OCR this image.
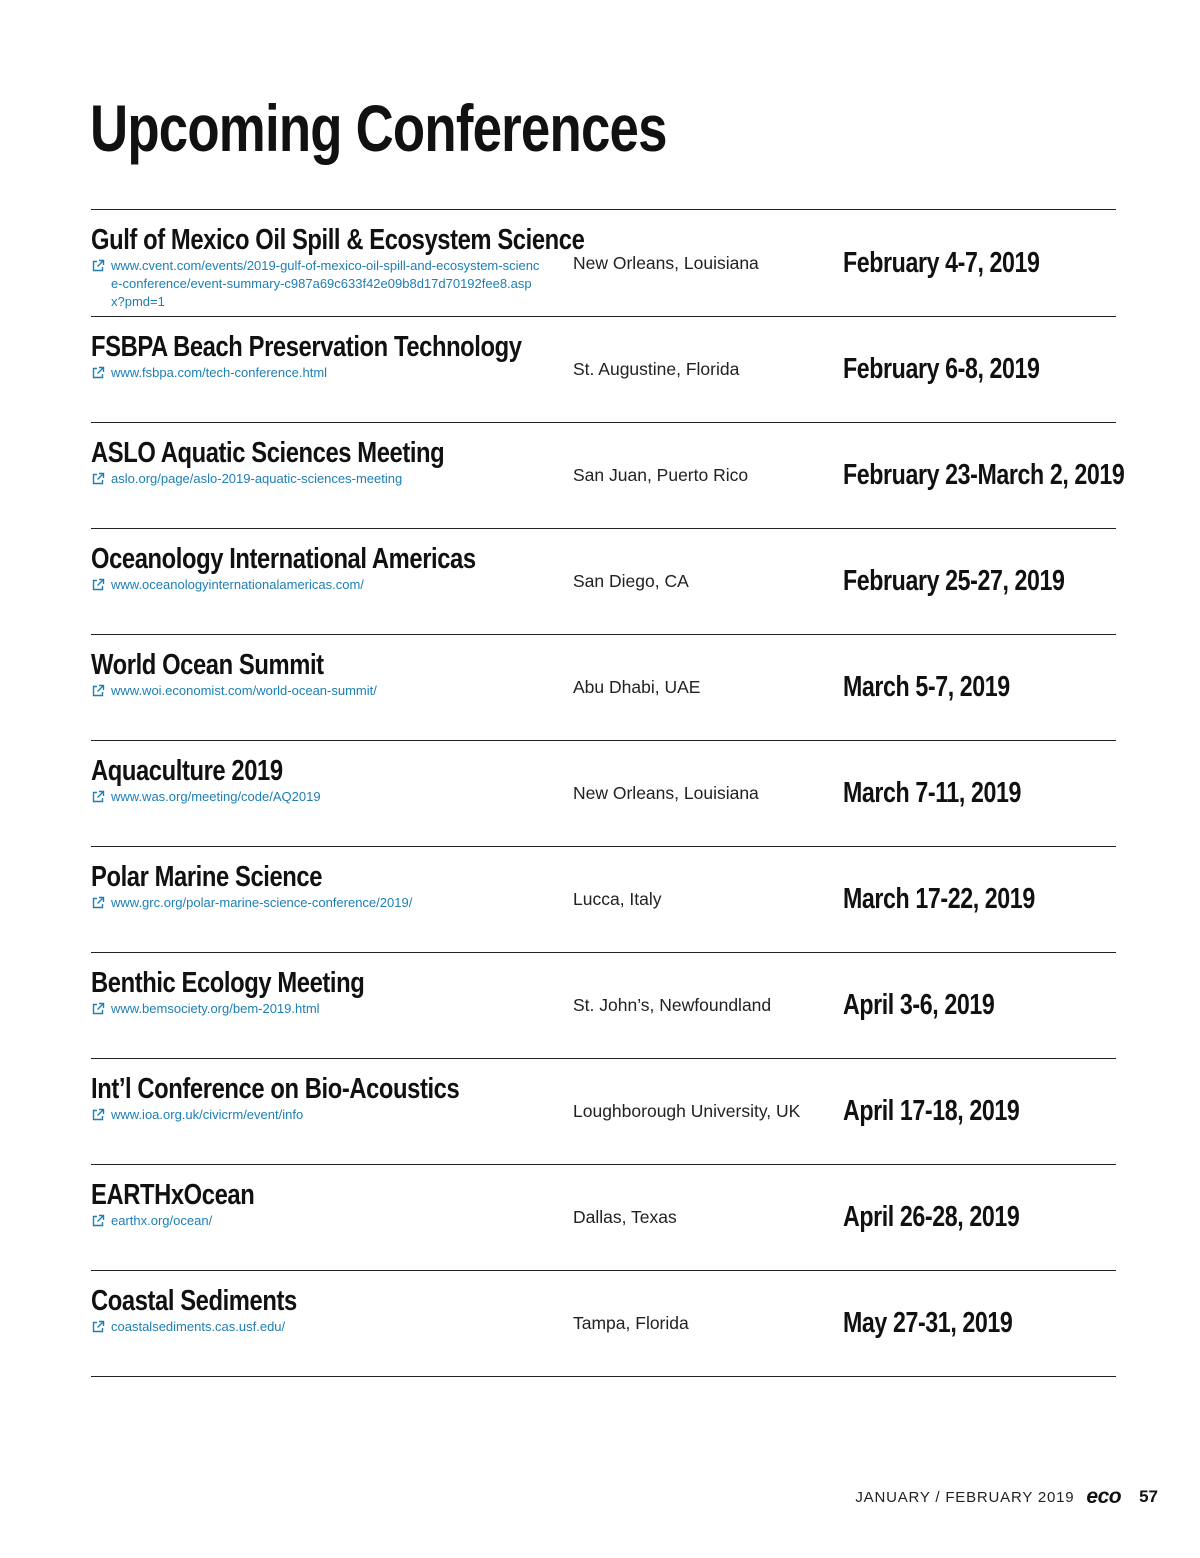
Upcoming Conferences
Gulf of Mexico Oil Spill & Ecosystem Science
www.cvent.com/events/2019-gulf-of-mexico-oil-spill-and-ecosystem-science-conference/event-summary-c987a69c633f42e09b8d17d70192fee8.aspx?pmd=1
New Orleans, Louisiana	February 4-7, 2019
FSBPA Beach Preservation Technology
www.fsbpa.com/tech-conference.html	St. Augustine, Florida	February 6-8, 2019
ASLO Aquatic Sciences Meeting
aslo.org/page/aslo-2019-aquatic-sciences-meeting	San Juan, Puerto Rico	February 23-March 2, 2019
Oceanology International Americas
www.oceanologyinternationalamericas.com/	San Diego, CA	February 25-27, 2019
World Ocean Summit
www.woi.economist.com/world-ocean-summit/	Abu Dhabi, UAE	March 5-7, 2019
Aquaculture 2019
www.was.org/meeting/code/AQ2019	New Orleans, Louisiana	March 7-11, 2019
Polar Marine Science
www.grc.org/polar-marine-science-conference/2019/	Lucca, Italy	March 17-22, 2019
Benthic Ecology Meeting
www.bemsociety.org/bem-2019.html	St. John’s, Newfoundland April 3-6, 2019
Int’l Conference on Bio-Acoustics
www.ioa.org.uk/civicrm/event/info	Loughborough University, UK April 17-18, 2019
EARTHxOcean
earthx.org/ocean/	Dallas, Texas	April 26-28, 2019
Coastal Sediments
coastalsediments.cas.usf.edu/	Tampa, Florida	May 27-31, 2019
JANUARY / FEBRUARY 2019 eco 57
